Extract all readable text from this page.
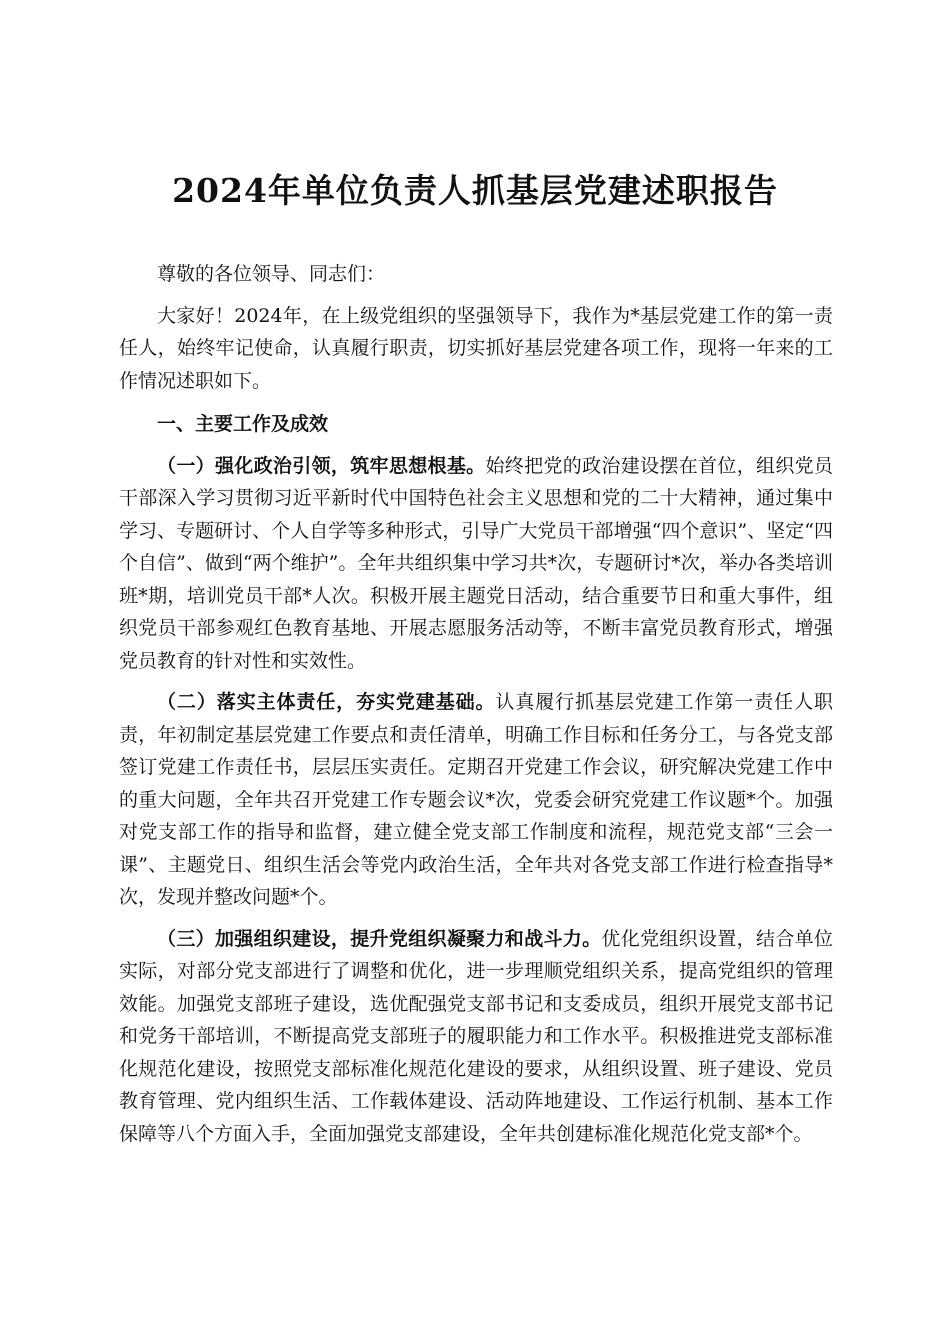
2024年单位负责人抓基层党建述职报告

尊敬的各位领导、同志们：

大家好！2024年，在上级党组织的坚强领导下，我作为*基层党建工作的第一责任人，始终牢记使命，认真履行职责，切实抓好基层党建各项工作，现将一年来的工作情况述职如下。

一、主要工作及成效

（一）强化政治引领，筑牢思想根基。始终把党的政治建设摆在首位，组织党员干部深入学习贯彻习近平新时代中国特色社会主义思想和党的二十大精神，通过集中学习、专题研讨、个人自学等多种形式，引导广大党员干部增强“四个意识”、坚定“四个自信”、做到“两个维护”。全年共组织集中学习共*次，专题研讨*次，举办各类培训班*期，培训党员干部*人次。积极开展主题党日活动，结合重要节日和重大事件，组织党员干部参观红色教育基地、开展志愿服务活动等，不断丰富党员教育形式，增强党员教育的针对性和实效性。

（二）落实主体责任，夯实党建基础。认真履行抓基层党建工作第一责任人职责，年初制定基层党建工作要点和责任清单，明确工作目标和任务分工，与各党支部签订党建工作责任书，层层压实责任。定期召开党建工作会议，研究解决党建工作中的重大问题，全年共召开党建工作专题会议*次，党委会研究党建工作议题*个。加强对党支部工作的指导和监督，建立健全党支部工作制度和流程，规范党支部“三会一课”、主题党日、组织生活会等党内政治生活，全年共对各党支部工作进行检查指导*次，发现并整改问题*个。

（三）加强组织建设，提升党组织凝聚力和战斗力。优化党组织设置，结合单位实际，对部分党支部进行了调整和优化，进一步理顺党组织关系，提高党组织的管理效能。加强党支部班子建设，选优配强党支部书记和支委成员，组织开展党支部书记和党务干部培训，不断提高党支部班子的履职能力和工作水平。积极推进党支部标准化规范化建设，按照党支部标准化规范化建设的要求，从组织设置、班子建设、党员教育管理、党内组织生活、工作载体建设、活动阵地建设、工作运行机制、基本工作保障等八个方面入手，全面加强党支部建设，全年共创建标准化规范化党支部*个。
